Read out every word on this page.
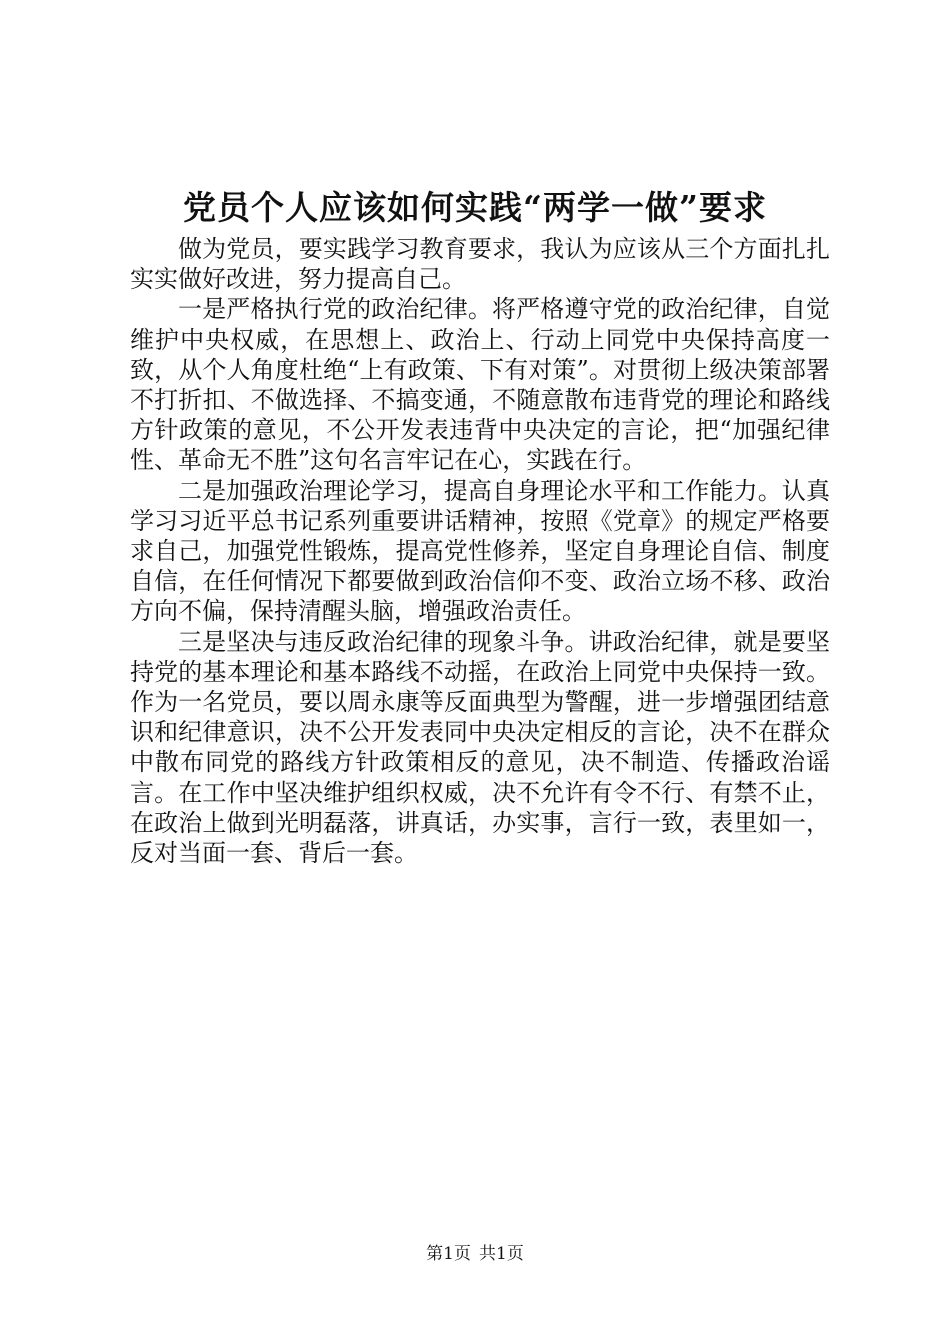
党员个人应该如何实践“两学一做”要求

做为党员，要实践学习教育要求，我认为应该从三个方面扎扎实实做好改进，努力提高自己。

一是严格执行党的政治纪律。将严格遵守党的政治纪律，自觉维护中央权威，在思想上、政治上、行动上同党中央保持高度一致，从个人角度杜绝“上有政策、下有对策”。对贯彻上级决策部署不打折扣、不做选择、不搞变通，不随意散布违背党的理论和路线方针政策的意见，不公开发表违背中央决定的言论，把“加强纪律性、革命无不胜”这句名言牢记在心，实践在行。

二是加强政治理论学习，提高自身理论水平和工作能力。认真学习习近平总书记系列重要讲话精神，按照《党章》的规定严格要求自己，加强党性锻炼，提高党性修养，坚定自身理论自信、制度自信，在任何情况下都要做到政治信仰不变、政治立场不移、政治方向不偏，保持清醒头脑，增强政治责任。

三是坚决与违反政治纪律的现象斗争。讲政治纪律，就是要坚持党的基本理论和基本路线不动摇，在政治上同党中央保持一致。作为一名党员，要以周永康等反面典型为警醒，进一步增强团结意识和纪律意识，决不公开发表同中央决定相反的言论，决不在群众中散布同党的路线方针政策相反的意见，决不制造、传播政治谣言。在工作中坚决维护组织权威，决不允许有令不行、有禁不止，在政治上做到光明磊落，讲真话，办实事，言行一致，表里如一，反对当面一套、背后一套。

第1页 共1页
